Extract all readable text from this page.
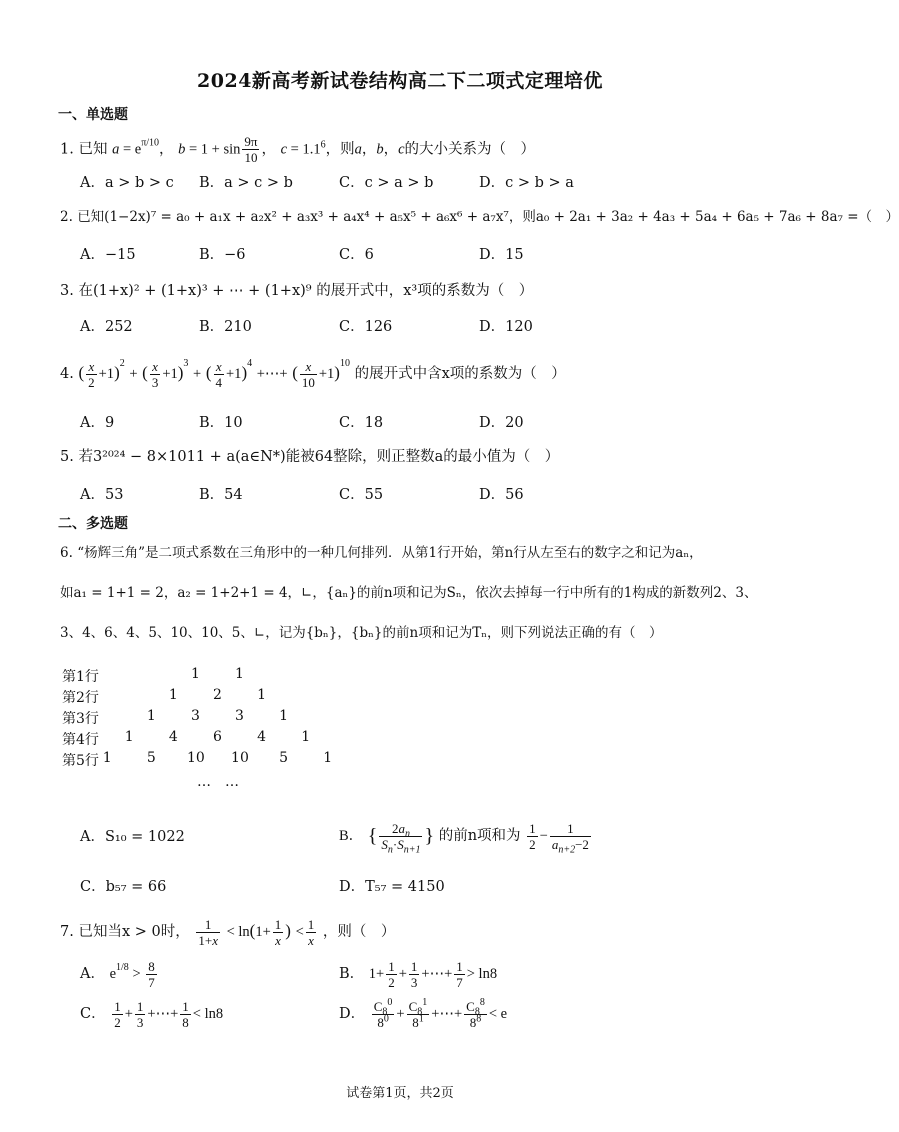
2024新高考新试卷结构高二下二项式定理培优
一、单选题
1. 已知 $a = e^{\pi/10}$， $b = 1 + \sin \frac{9\pi}{10}$ ， $c = 1.1^6$，则a，b，c的大小关系为（　）
A．a > b > c B．a > c > b	C．c > a > b	D．c > b > a
2. 已知(1−2x)⁷ = a₀ + a₁x + a₂x² + a₃x³ + a₄x⁴ + a₅x⁵ + a₆x⁶ + a₇x⁷，则a₀ + 2a₁ + 3a₂ + 4a₃ + 5a₄ + 6a₅ + 7a₆ + 8a₇ =（　）
A．−15	B．−6	C．6	D．15
3. 在(1+x)² + (1+x)³ + ⋯ + (1+x)⁹ 的展开式中，x³项的系数为（　）
A．252	B．210	C．126	D．120
4. ( $\frac{x}{2} +1)^2$ + ( $\frac{x}{3} +1)^3$ + ( $\frac{x}{4} +1)^4$ +⋯+ ( $\frac{x}{10} +1)^{10}$ 的展开式中含x项的系数为（　）
A．9	B．10	C．18	D．20
5. 若3²⁰²⁴ − 8×1011 + a(a∈N*)能被64整除，则正整数a的最小值为（　）
A．53	B．54	C．55	D．56
二、多选题
6. “杨辉三角”是二项式系数在三角形中的一种几何排列．从第1行开始，第n行从左至右的数字之和记为aₙ，
如a₁ = 1+1 = 2，a₂ = 1+2+1 = 4，∟，{aₙ}的前n项和记为Sₙ，依次去掉每一行中所有的1构成的新数列2、3、
3、4、6、4、5、10、10、5、∟，记为{bₙ}，{bₙ}的前n项和记为Tₙ，则下列说法正确的有（　）
第1行	1	1
第2行	1	2	1
第3行	1	3	3	1
第4行 1	4	6	4	1
第5行 1	5 10 10 5	1
…　…
A．S₁₀ = 1022	B． { $\frac{2a_n}{S_n\cdot S_{n+1}}$ } 的前n项和为 $\frac{1}{2} - \frac{1}{a_{n+2}-2}$
C．b₅₇ = 66	D．T₅₇ = 4150
7. 已知当x > 0时， $\frac{1}{1+x} < \ln(1+ \frac{1}{x}$ ) < $\frac{1}{x}$ ，则（　）
A． $e^{1/8} > \frac{8}{7}$	B． $1+ \frac{1}{2} + \frac{1}{3}$ +⋯+ $\frac{1}{7} > \ln 8$
C． $\frac{1}{2} + \frac{1}{3}$ +⋯+ $\frac{1}{8} < \ln 8$	D． $\frac{C_8^0}{8^0} + \frac{C_8^1}{8^1}$ +⋯+ $\frac{C_8^8}{8^8} < e$
试卷第1页，共2页
